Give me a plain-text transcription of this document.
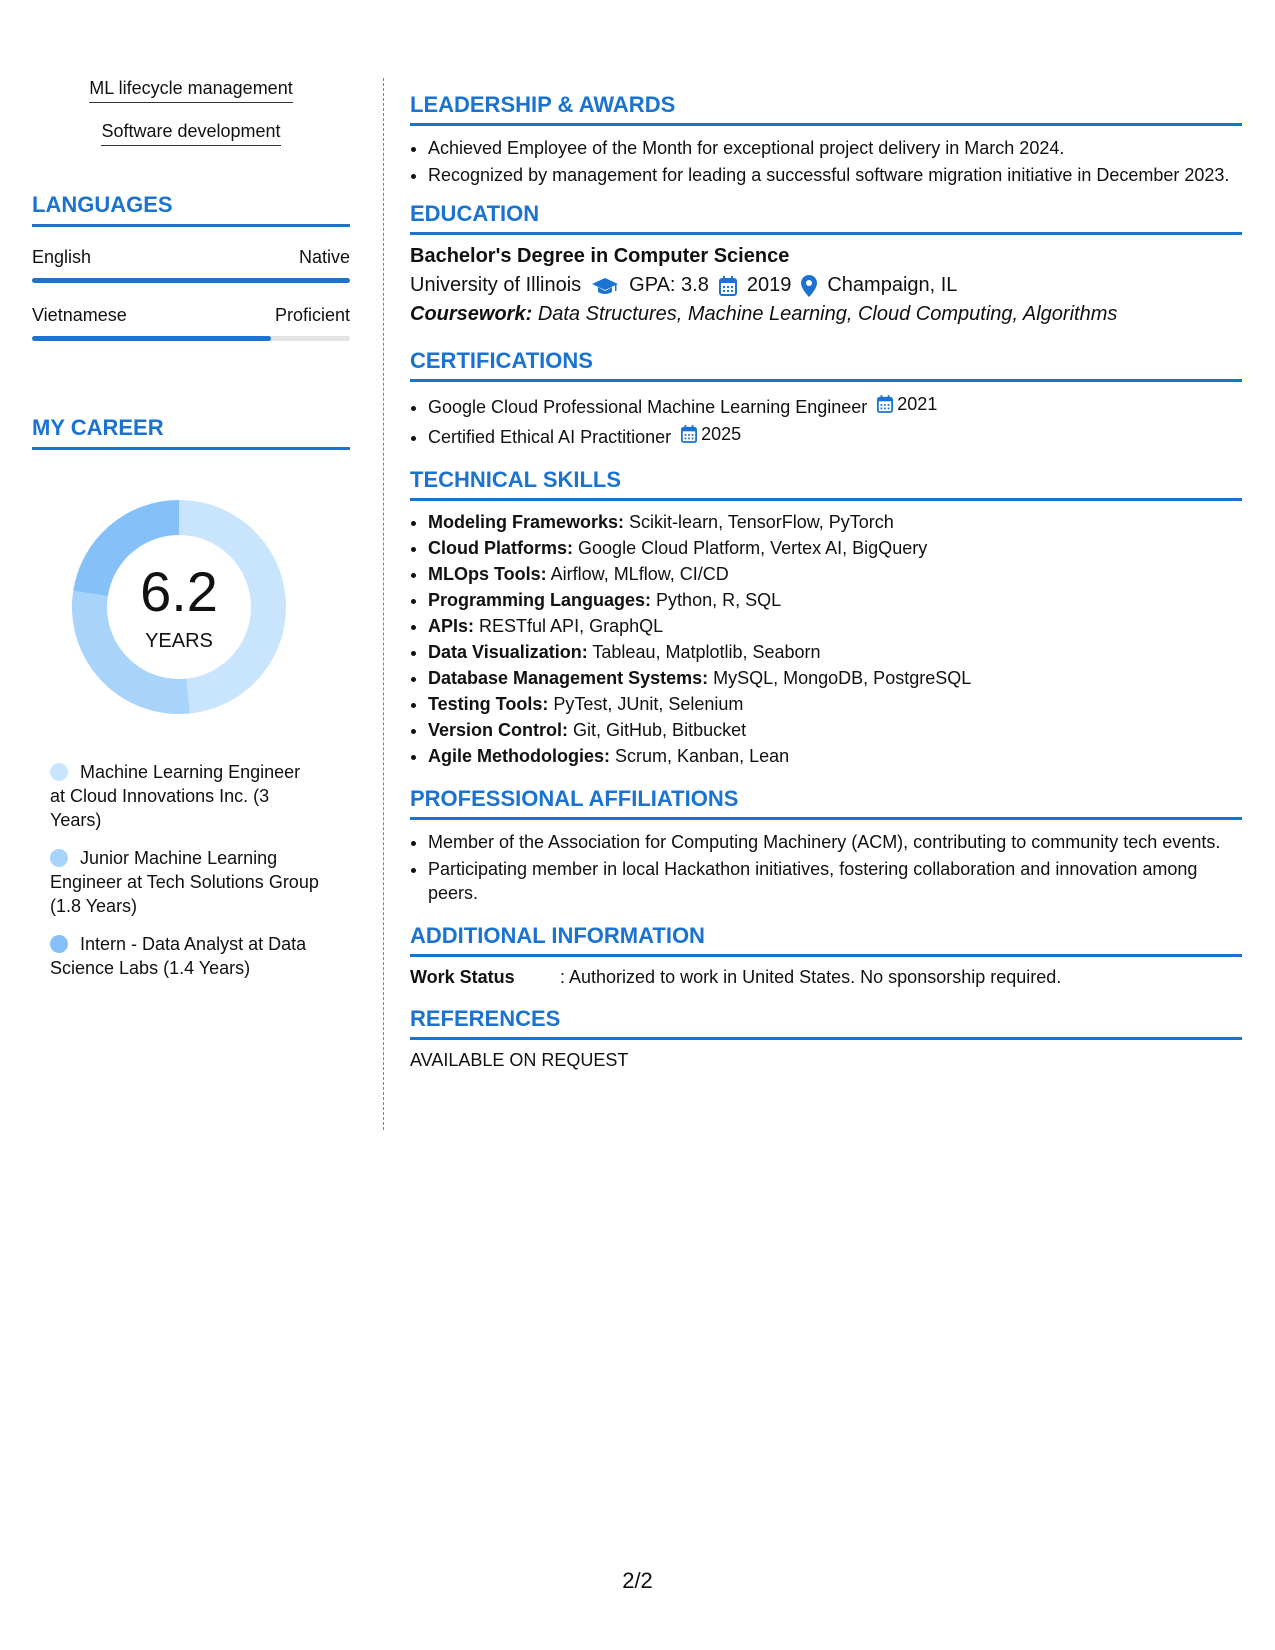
ML lifecycle management
Software development
LANGUAGES
English	Native
Vietnamese	Proficient
MY CAREER
6.2
YEARS
Machine Learning Engineer at Cloud Innovations Inc. (3 Years)
Junior Machine Learning Engineer at Tech Solutions Group (1.8 Years)
Intern - Data Analyst at Data Science Labs (1.4 Years)
LEADERSHIP & AWARDS
• Achieved Employee of the Month for exceptional project delivery in March 2024.
• Recognized by management for leading a successful software migration initiative in December 2023.
EDUCATION
Bachelor's Degree in Computer Science
University of Illinois GPA: 3.8 2019 Champaign, IL
Coursework: Data Structures, Machine Learning, Cloud Computing, Algorithms
CERTIFICATIONS
• Google Cloud Professional Machine Learning Engineer 2021
• Certified Ethical AI Practitioner 2025
TECHNICAL SKILLS
• Modeling Frameworks: Scikit-learn, TensorFlow, PyTorch
• Cloud Platforms: Google Cloud Platform, Vertex AI, BigQuery
• MLOps Tools: Airflow, MLflow, CI/CD
• Programming Languages: Python, R, SQL
• APIs: RESTful API, GraphQL
• Data Visualization: Tableau, Matplotlib, Seaborn
• Database Management Systems: MySQL, MongoDB, PostgreSQL
• Testing Tools: PyTest, JUnit, Selenium
• Version Control: Git, GitHub, Bitbucket
• Agile Methodologies: Scrum, Kanban, Lean
PROFESSIONAL AFFILIATIONS
• Member of the Association for Computing Machinery (ACM), contributing to community tech events.
• Participating member in local Hackathon initiatives, fostering collaboration and innovation among peers.
ADDITIONAL INFORMATION
Work Status	: Authorized to work in United States. No sponsorship required.
REFERENCES
AVAILABLE ON REQUEST
2/2
